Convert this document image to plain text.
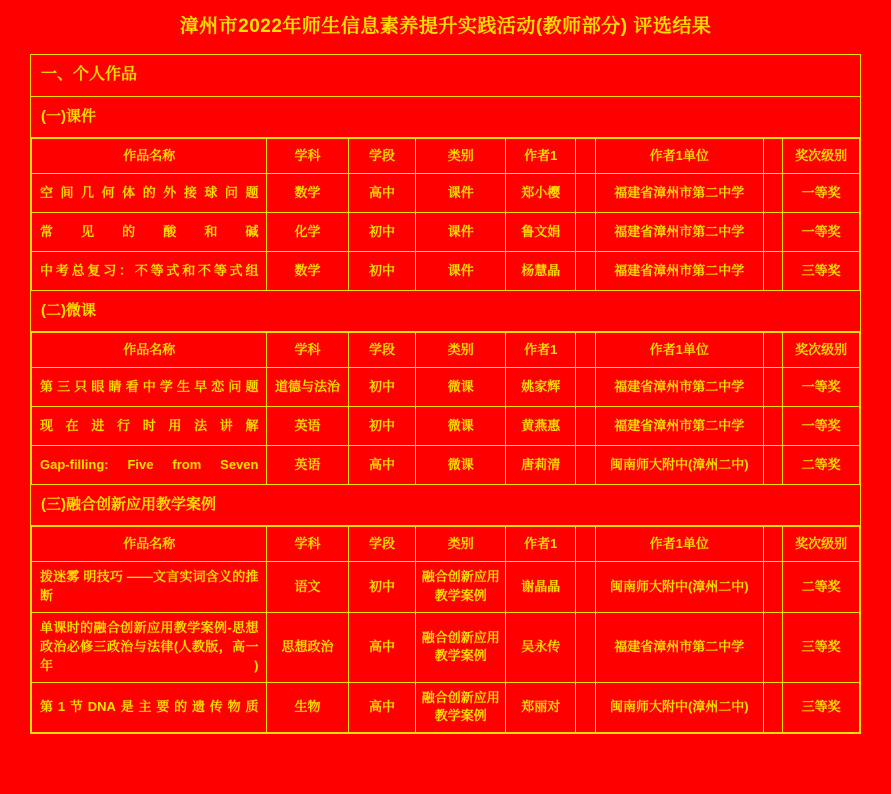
漳州市2022年师生信息素养提升实践活动(教师部分) 评选结果
一、个人作品
(一)课件
作品名称	学科	学段	类别	作者1		作者1单位		奖次级别
空间几何体的外接球问题	数学	高中	课件	郑小樱		福建省漳州市第二中学		一等奖
常见的酸和碱	化学	初中	课件	鲁文娟		福建省漳州市第二中学		一等奖
中考总复习：不等式和不等式组	数学	初中	课件	杨慧晶		福建省漳州市第二中学		三等奖
(二)微课
作品名称	学科	学段	类别	作者1		作者1单位		奖次级别
第三只眼睛看中学生早恋问题	道德与法治	初中	微课	姚家辉		福建省漳州市第二中学		一等奖
现在进行时用法讲解	英语	初中	微课	黄燕惠		福建省漳州市第二中学		一等奖
Gap-filling: Five from Seven	英语	高中	微课	唐莉清		闽南师大附中(漳州二中)		二等奖
(三)融合创新应用教学案例
作品名称	学科	学段	类别	作者1		作者1单位		奖次级别
拨迷雾 明技巧 ——文言实词含义的推断	语文	初中	融合创新应用教学案例	谢晶晶		闽南师大附中(漳州二中)		二等奖
单课时的融合创新应用教学案例-思想政治必修三政治与法律(人教版，高一年)	思想政治	高中	融合创新应用教学案例	吴永传		福建省漳州市第二中学		三等奖
第1节DNA是主要的遗传物质	生物	高中	融合创新应用教学案例	郑丽对		闽南师大附中(漳州二中)		三等奖
